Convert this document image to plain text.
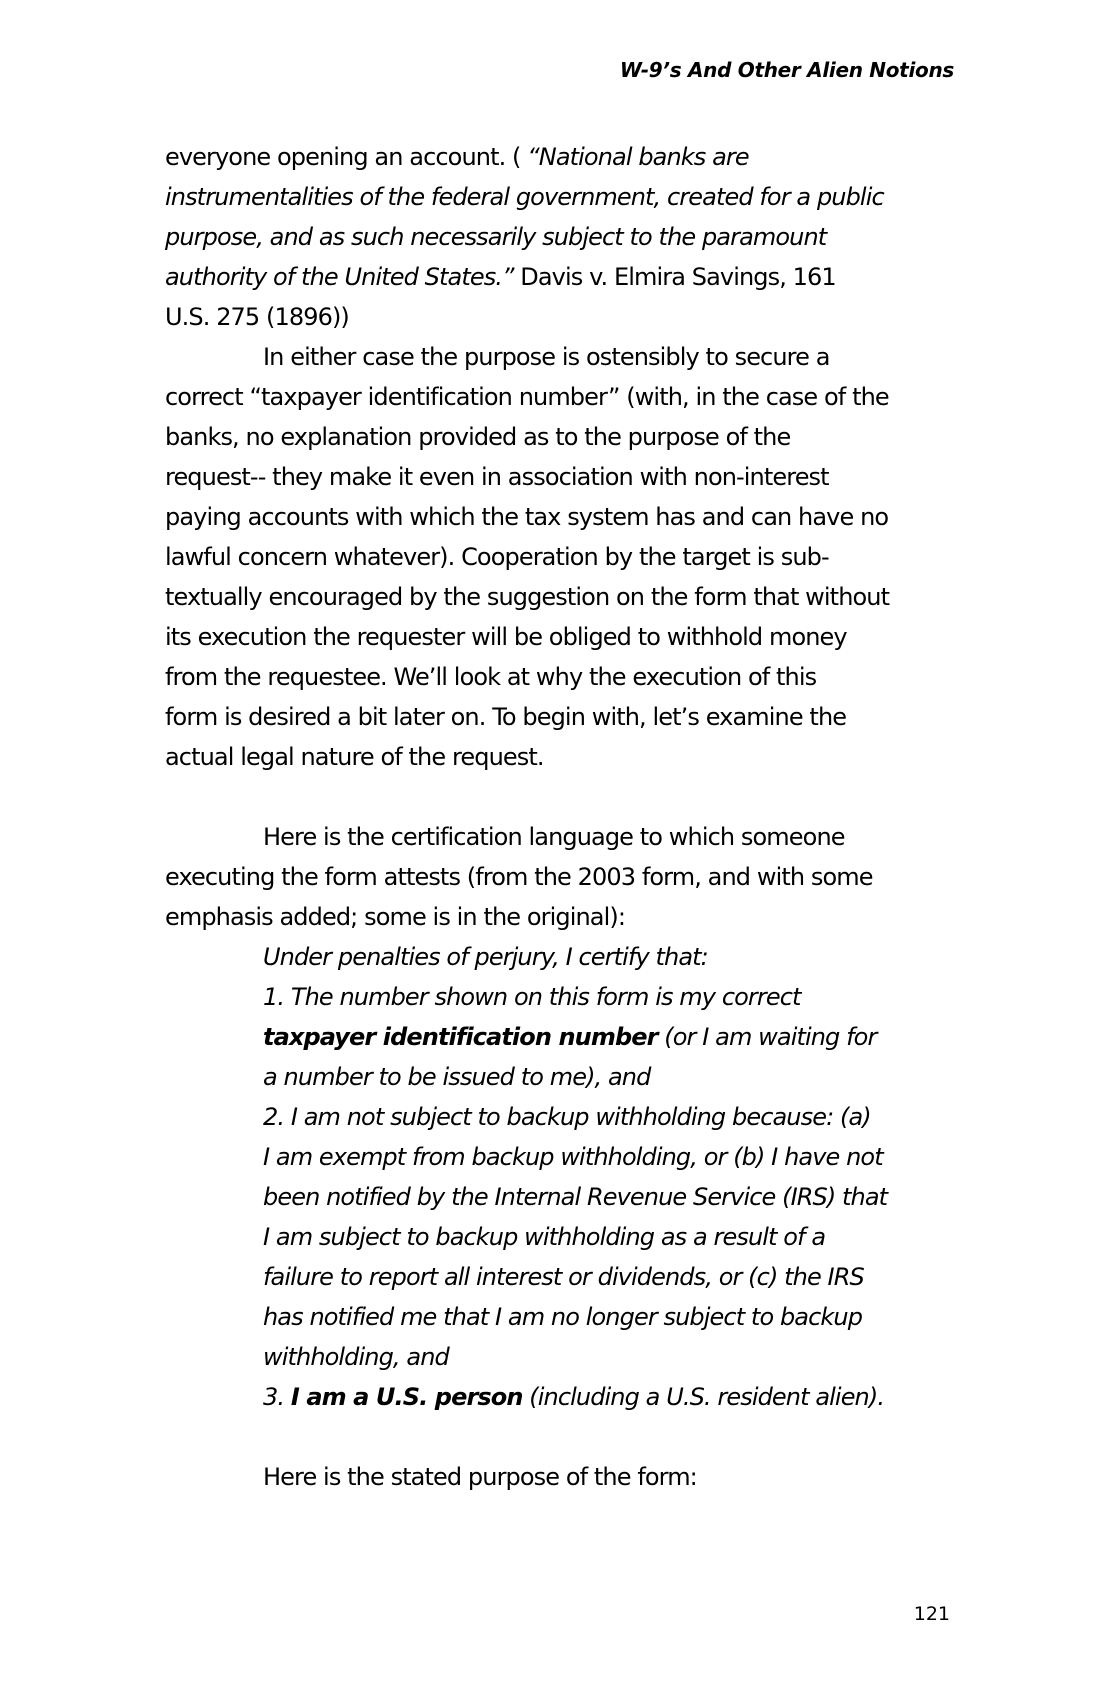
W-9’s And Other Alien Notions
everyone opening an account. ( “National banks are
instrumentalities of the federal government, created for a public
purpose, and as such necessarily subject to the paramount
authority of the United States.” Davis v. Elmira Savings, 161
U.S. 275 (1896))
In either case the purpose is ostensibly to secure a
correct “taxpayer identification number” (with, in the case of the
banks, no explanation provided as to the purpose of the
request-- they make it even in association with non-interest
paying accounts with which the tax system has and can have no
lawful concern whatever). Cooperation by the target is sub-
textually encouraged by the suggestion on the form that without
its execution the requester will be obliged to withhold money
from the requestee. We’ll look at why the execution of this
form is desired a bit later on. To begin with, let’s examine the
actual legal nature of the request.
Here is the certification language to which someone
executing the form attests (from the 2003 form, and with some
emphasis added; some is in the original):
Under penalties of perjury, I certify that:
1. The number shown on this form is my correct
taxpayer identification number (or I am waiting for
a number to be issued to me), and
2. I am not subject to backup withholding because: (a)
I am exempt from backup withholding, or (b) I have not
been notified by the Internal Revenue Service (IRS) that
I am subject to backup withholding as a result of a
failure to report all interest or dividends, or (c) the IRS
has notified me that I am no longer subject to backup
withholding, and
3. I am a U.S. person (including a U.S. resident alien).
Here is the stated purpose of the form:
121
